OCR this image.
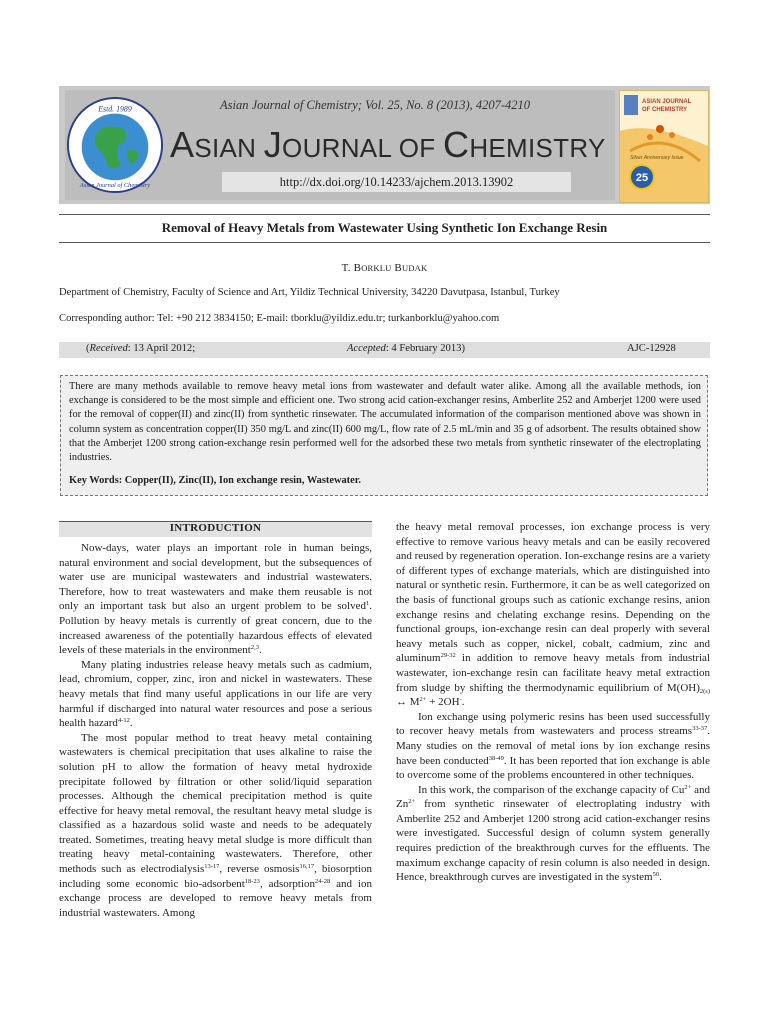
Estd. 1989
Asian Journal of Chemistry
Asian Journal of Chemistry; Vol. 25, No. 8 (2013), 4207-4210
ASIAN JOURNAL OF CHEMISTRY
http://dx.doi.org/10.14233/ajchem.2013.13902
ASIAN JOURNAL
OF CHEMISTRY
Silver Anniversary Issue
25
Removal of Heavy Metals from Wastewater Using Synthetic Ion Exchange Resin
T. BORKLU BUDAK
Department of Chemistry, Faculty of Science and Art, Yildiz Technical University, 34220 Davutpasa, Istanbul, Turkey
Corresponding author: Tel: +90 212 3834150; E-mail: tborklu@yildiz.edu.tr; turkanborklu@yahoo.com
(Received: 13 April 2012;	Accepted: 4 February 2013)	AJC-12928
There are many methods available to remove heavy metal ions from wastewater and default water alike. Among all the available methods, ion exchange is considered to be the most simple and efficient one. Two strong acid cation-exchanger resins, Amberlite 252 and Amberjet 1200 were used for the removal of copper(II) and zinc(II) from synthetic rinsewater. The accumulated information of the comparison mentioned above was shown in column system as concentration copper(II) 350 mg/L and zinc(II) 600 mg/L, flow rate of 2.5 mL/min and 35 g of adsorbent. The results obtained show that the Amberjet 1200 strong cation-exchange resin performed well for the adsorbed these two metals from synthetic rinsewater of the electroplating industries.
Key Words: Copper(II), Zinc(II), Ion exchange resin, Wastewater.
INTRODUCTION

Now-days, water plays an important role in human beings, natural environment and social development, but the subsequences of water use are municipal wastewaters and industrial wastewaters. Therefore, how to treat wastewaters and make them reusable is not only an important task but also an urgent problem to be solved$^1$. Pollution by heavy metals is currently of great concern, due to the increased awareness of the potentially hazardous effects of elevated levels of these materials in the environment$^{2,3}$.

Many plating industries release heavy metals such as cadmium, lead, chromium, copper, zinc, iron and nickel in wastewaters. These heavy metals that find many useful applications in our life are very harmful if discharged into natural water resources and pose a serious health hazard$^{4-12}$.

The most popular method to treat heavy metal containing wastewaters is chemical precipitation that uses alkaline to raise the solution pH to allow the formation of heavy metal hydroxide precipitate followed by filtration or other solid/liquid separation processes. Although the chemical precipitation method is quite effective for heavy metal removal, the resultant heavy metal sludge is classified as a hazardous solid waste and needs to be adequately treated. Sometimes, treating heavy metal sludge is more difficult than treating heavy metal-containing wastewaters. Therefore, other methods such as electrodialysis$^{13-17}$, reverse osmosis$^{16,17}$, biosorption including some economic bio-adsorbent$^{18-23}$, adsorption$^{24-28}$ and ion exchange process are developed to remove heavy metals from industrial wastewaters. Among

the heavy metal removal processes, ion exchange process is very effective to remove various heavy metals and can be easily recovered and reused by regeneration operation. Ion-exchange resins are a variety of different types of exchange materials, which are distinguished into natural or synthetic resin. Furthermore, it can be as well categorized on the basis of functional groups such as cationic exchange resins, anion exchange resins and chelating exchange resins. Depending on the functional groups, ion-exchange resin can deal properly with several heavy metals such as copper, nickel, cobalt, cadmium, zinc and aluminum$^{29-32}$ in addition to remove heavy metals from industrial wastewater, ion-exchange resin can facilitate heavy metal extraction from sludge by shifting the thermodynamic equilibrium of $M(OH)_{2(s)}$ ↔ $M^{2+} + 2OH^-$.

Ion exchange using polymeric resins has been used successfully to recover heavy metals from wastewaters and process streams$^{33-37}$. Many studies on the removal of metal ions by ion exchange resins have been conducted$^{38-49}$. It has been reported that ion exchange is able to overcome some of the problems encountered in other techniques.

In this work, the comparison of the exchange capacity of $Cu^{2+}$ and $Zn^{2+}$ from synthetic rinsewater of electroplating industry with Amberlite 252 and Amberjet 1200 strong acid cation-exchanger resins were investigated. Successful design of column system generally requires prediction of the breakthrough curves for the effluents. The maximum exchange capacity of resin column is also needed in design. Hence, breakthrough curves are investigated in the system$^{50}$.
